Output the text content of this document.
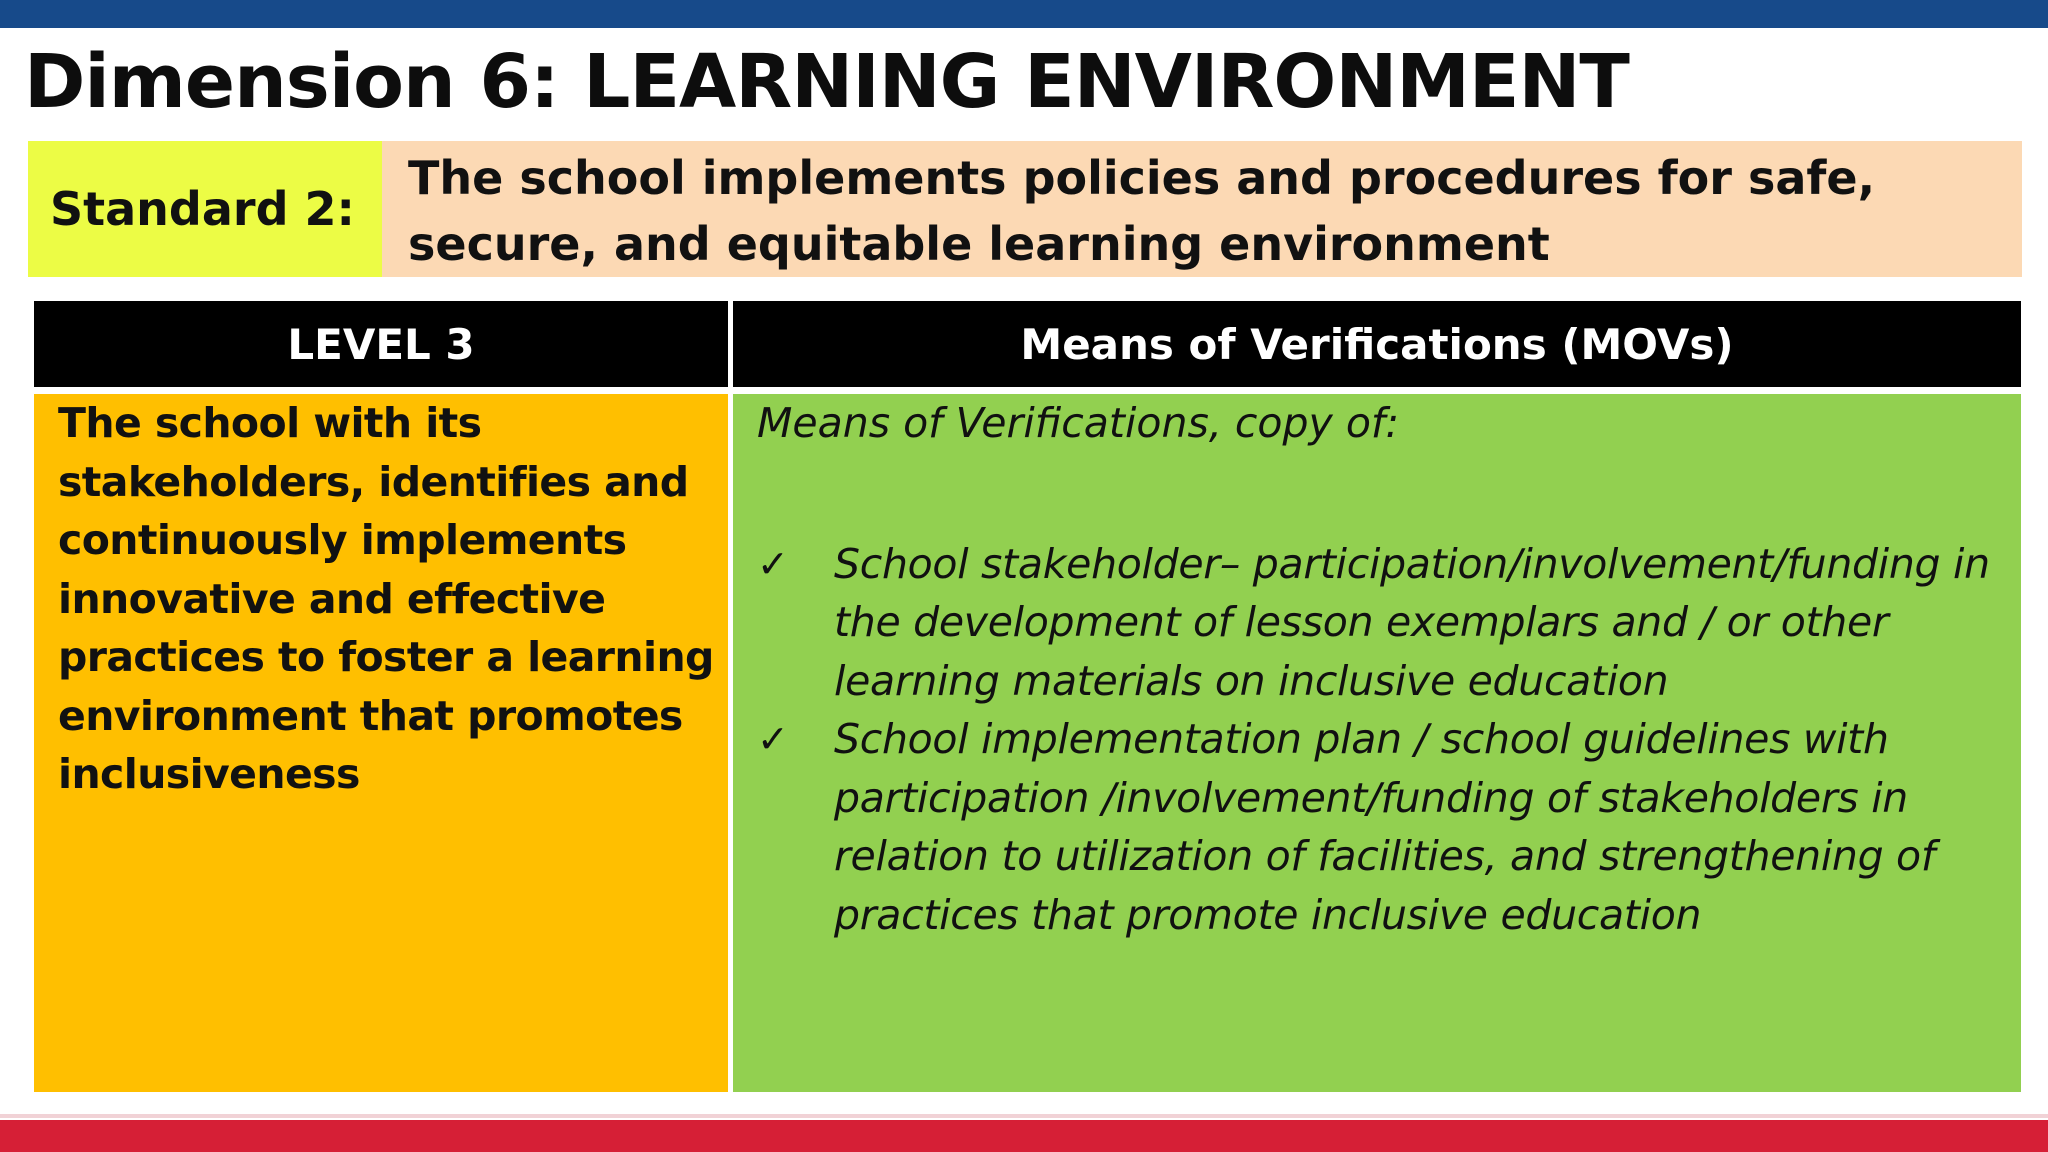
Dimension 6: LEARNING ENVIRONMENT
Standard 2:
The school implements policies and procedures for safe, secure, and equitable learning environment
LEVEL 3	Means of Verifications (MOVs)

The school with its stakeholders, identifies and continuously implements innovative and effective practices to foster a learning environment that promotes inclusiveness

Means of Verifications, copy of:

✓ School stakeholder– participation/involvement/funding in the development of lesson exemplars and / or other learning materials on inclusive education
✓ School implementation plan / school guidelines with participation /involvement/funding of stakeholders in relation to utilization of facilities, and strengthening of practices that promote inclusive education
